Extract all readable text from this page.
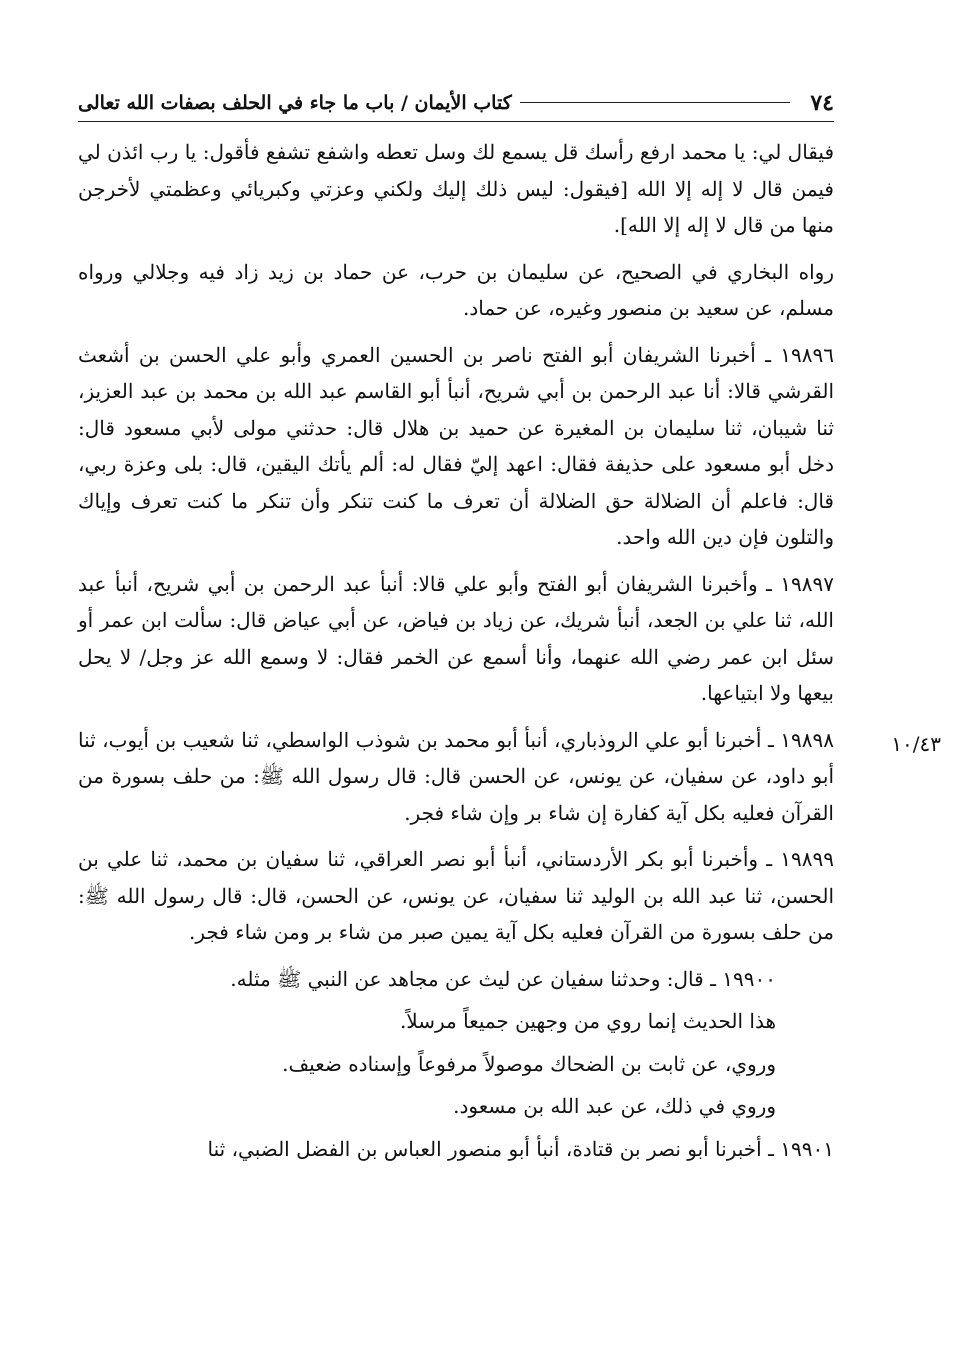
٧٤
كتاب الأيمان / باب ما جاء في الحلف بصفات الله تعالى
١٠/٤٣

فيقال لي: يا محمد ارفع رأسك قل يسمع لك وسل تعطه واشفع تشفع فأقول: يا رب ائذن لي فيمن قال لا إله إلا الله [فيقول: ليس ذلك إليك ولكني وعزتي وكبريائي وعظمتي لأخرجن منها من قال لا إله إلا الله].

رواه البخاري في الصحيح، عن سليمان بن حرب، عن حماد بن زيد زاد فيه وجلالي ورواه مسلم، عن سعيد بن منصور وغيره، عن حماد.

١٩٨٩٦ ـ أخبرنا الشريفان أبو الفتح ناصر بن الحسين العمري وأبو علي الحسن بن أشعث القرشي قالا: أنا عبد الرحمن بن أبي شريح، أنبأ أبو القاسم عبد الله بن محمد بن عبد العزيز، ثنا شيبان، ثنا سليمان بن المغيرة عن حميد بن هلال قال: حدثني مولى لأبي مسعود قال: دخل أبو مسعود على حذيفة فقال: اعهد إليّ فقال له: ألم يأتك اليقين، قال: بلى وعزة ربي، قال: فاعلم أن الضلالة حق الضلالة أن تعرف ما كنت تنكر وأن تنكر ما كنت تعرف وإياك والتلون فإن دين الله واحد.

١٩٨٩٧ ـ وأخبرنا الشريفان أبو الفتح وأبو علي قالا: أنبأ عبد الرحمن بن أبي شريح، أنبأ عبد الله، ثنا علي بن الجعد، أنبأ شريك، عن زياد بن فياض، عن أبي عياض قال: سألت ابن عمر أو سئل ابن عمر رضي الله عنهما، وأنا أسمع عن الخمر فقال: لا وسمع الله عز وجل/ لا يحل بيعها ولا ابتياعها.

١٩٨٩٨ ـ أخبرنا أبو علي الروذباري، أنبأ أبو محمد بن شوذب الواسطي، ثنا شعيب بن أيوب، ثنا أبو داود، عن سفيان، عن يونس، عن الحسن قال: قال رسول الله ﷺ: من حلف بسورة من القرآن فعليه بكل آية كفارة إن شاء بر وإن شاء فجر.

١٩٨٩٩ ـ وأخبرنا أبو بكر الأردستاني، أنبأ أبو نصر العراقي، ثنا سفيان بن محمد، ثنا علي بن الحسن، ثنا عبد الله بن الوليد ثنا سفيان، عن يونس، عن الحسن، قال: قال رسول الله ﷺ: من حلف بسورة من القرآن فعليه بكل آية يمين صبر من شاء بر ومن شاء فجر.

١٩٩٠٠ ـ قال: وحدثنا سفيان عن ليث عن مجاهد عن النبي ﷺ مثله.

هذا الحديث إنما روي من وجهين جميعاً مرسلاً.

وروي، عن ثابت بن الضحاك موصولاً مرفوعاً وإسناده ضعيف.

وروي في ذلك، عن عبد الله بن مسعود.

١٩٩٠١ ـ أخبرنا أبو نصر بن قتادة، أنبأ أبو منصور العباس بن الفضل الضبي، ثنا
